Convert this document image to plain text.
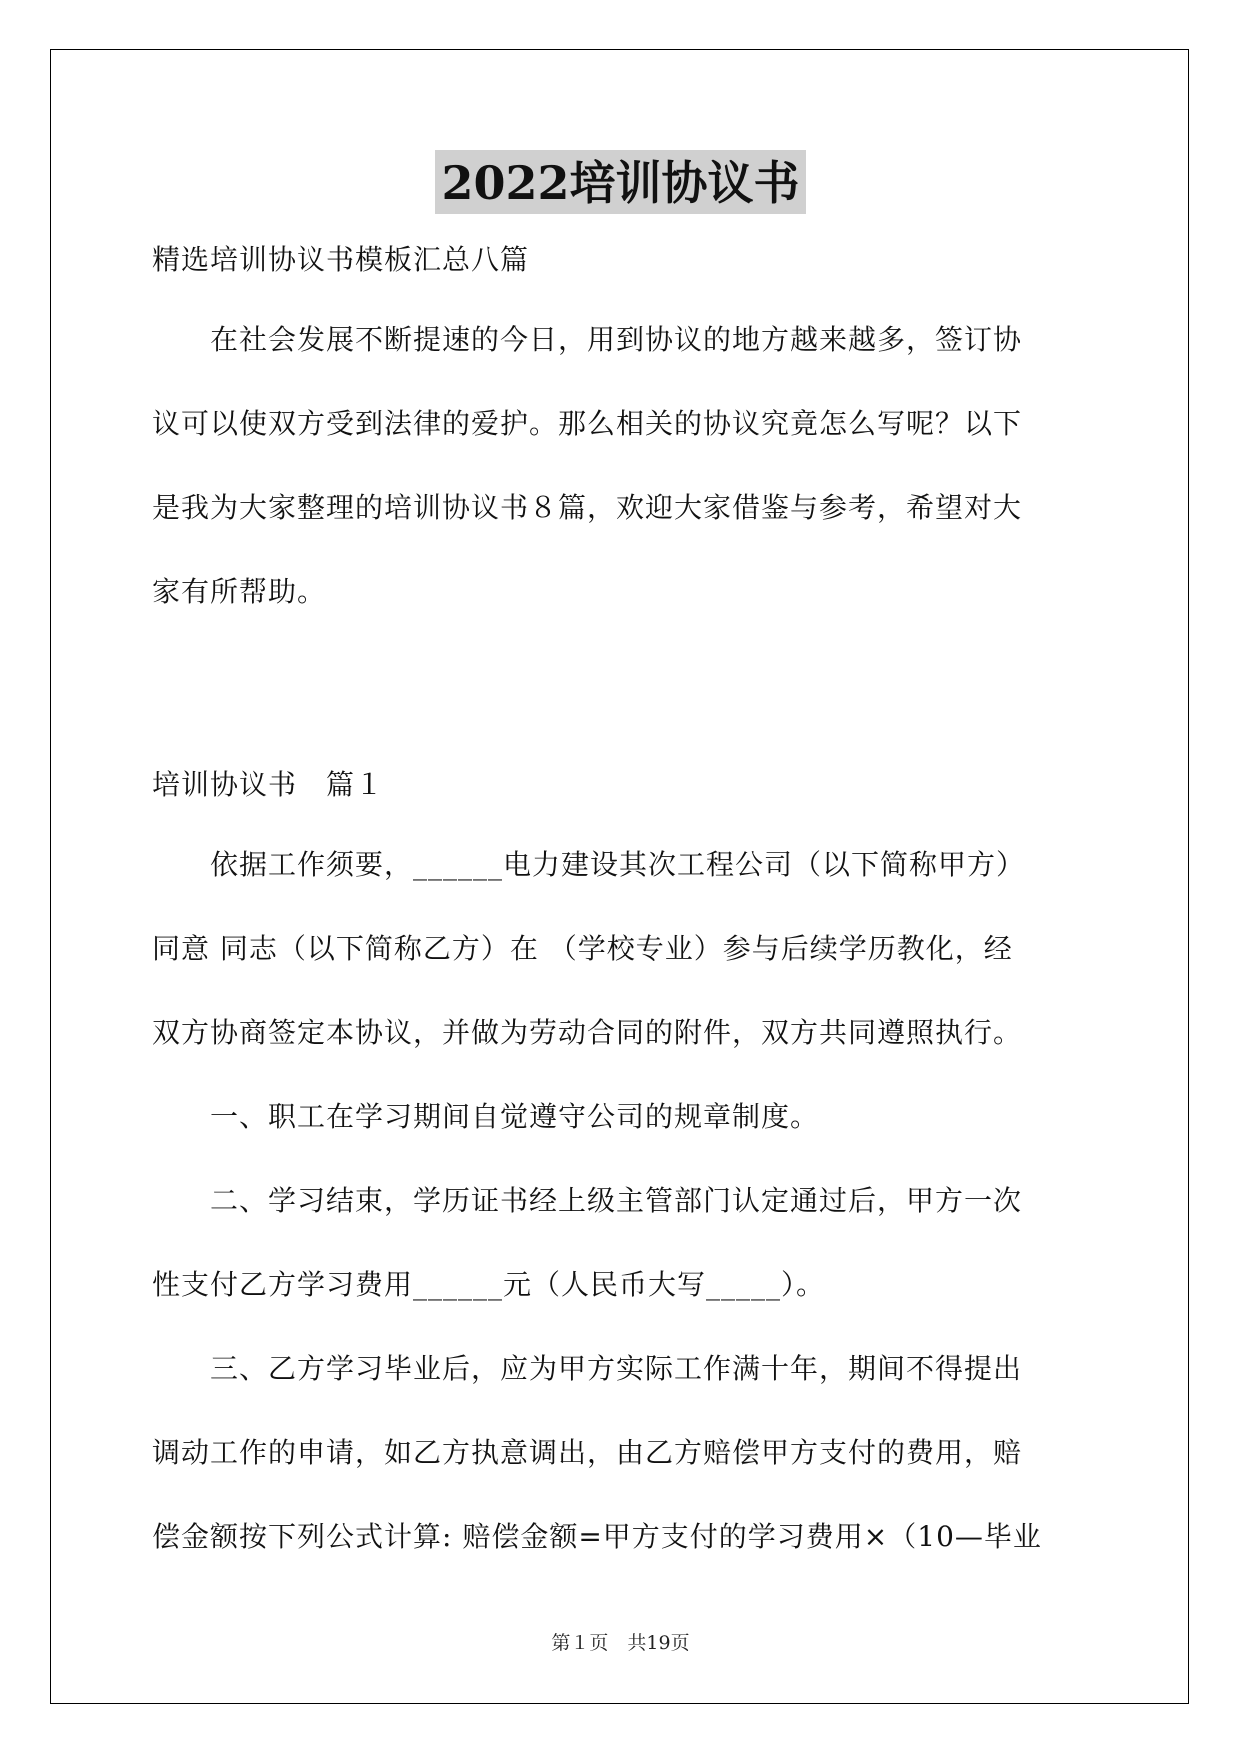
2022培训协议书
精选培训协议书模板汇总八篇
　　在社会发展不断提速的今日，用到协议的地方越来越多，签订协
议可以使双方受到法律的爱护。那么相关的协议究竟怎么写呢？以下
是我为大家整理的培训协议书８篇，欢迎大家借鉴与参考，希望对大
家有所帮助。
培训协议书　篇１
　　依据工作须要，______电力建设其次工程公司（以下简称甲方）
同意 同志（以下简称乙方）在 （学校专业）参与后续学历教化，经
双方协商签定本协议，并做为劳动合同的附件，双方共同遵照执行。
　　一、职工在学习期间自觉遵守公司的规章制度。
　　二、学习结束，学历证书经上级主管部门认定通过后，甲方一次
性支付乙方学习费用______元（人民币大写_____）。
　　三、乙方学习毕业后，应为甲方实际工作满十年，期间不得提出
调动工作的申请，如乙方执意调出，由乙方赔偿甲方支付的费用，赔
偿金额按下列公式计算: 赔偿金额=甲方支付的学习费用×（10—毕业
第１页　共19页
